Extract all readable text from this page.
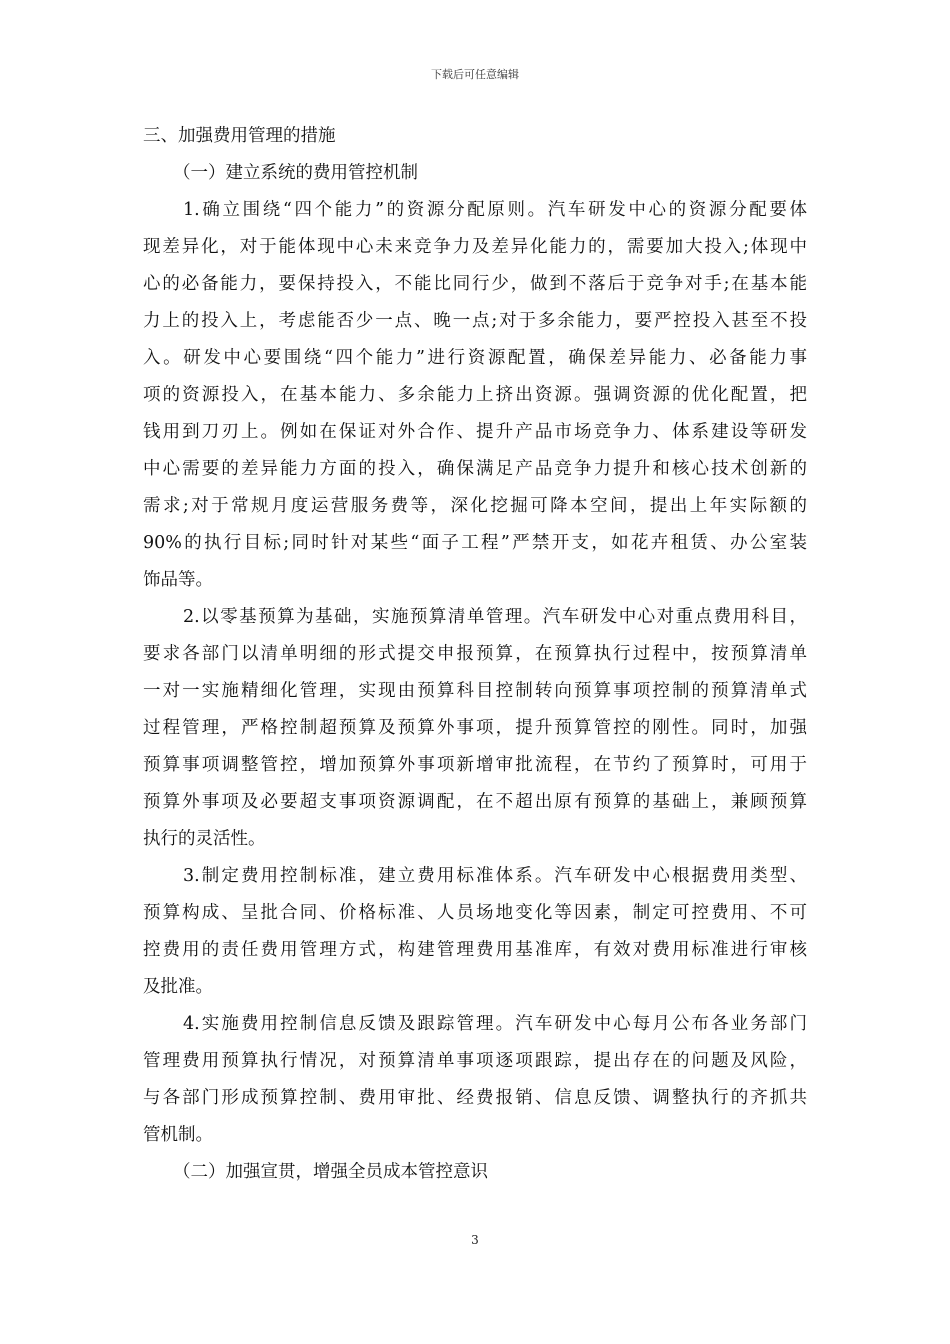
下载后可任意编辑
三、加强费用管理的措施
（一）建立系统的费用管控机制
1.确立围绕“四个能力”的资源分配原则。汽车研发中心的资源分配要体
现差异化，对于能体现中心未来竞争力及差异化能力的，需要加大投入;体现中
心的必备能力，要保持投入，不能比同行少，做到不落后于竞争对手;在基本能
力上的投入上，考虑能否少一点、晚一点;对于多余能力，要严控投入甚至不投
入。研发中心要围绕“四个能力”进行资源配置，确保差异能力、必备能力事
项的资源投入，在基本能力、多余能力上挤出资源。强调资源的优化配置，把
钱用到刀刃上。例如在保证对外合作、提升产品市场竞争力、体系建设等研发
中心需要的差异能力方面的投入，确保满足产品竞争力提升和核心技术创新的
需求;对于常规月度运营服务费等，深化挖掘可降本空间，提出上年实际额的
90%的执行目标;同时针对某些“面子工程”严禁开支，如花卉租赁、办公室装
饰品等。
2.以零基预算为基础，实施预算清单管理。汽车研发中心对重点费用科目，
要求各部门以清单明细的形式提交申报预算，在预算执行过程中，按预算清单
一对一实施精细化管理，实现由预算科目控制转向预算事项控制的预算清单式
过程管理，严格控制超预算及预算外事项，提升预算管控的刚性。同时，加强
预算事项调整管控，增加预算外事项新增审批流程，在节约了预算时，可用于
预算外事项及必要超支事项资源调配，在不超出原有预算的基础上，兼顾预算
执行的灵活性。
3.制定费用控制标准，建立费用标准体系。汽车研发中心根据费用类型、
预算构成、呈批合同、价格标准、人员场地变化等因素，制定可控费用、不可
控费用的责任费用管理方式，构建管理费用基准库，有效对费用标准进行审核
及批准。
4.实施费用控制信息反馈及跟踪管理。汽车研发中心每月公布各业务部门
管理费用预算执行情况，对预算清单事项逐项跟踪，提出存在的问题及风险，
与各部门形成预算控制、费用审批、经费报销、信息反馈、调整执行的齐抓共
管机制。
（二）加强宣贯，增强全员成本管控意识
3
